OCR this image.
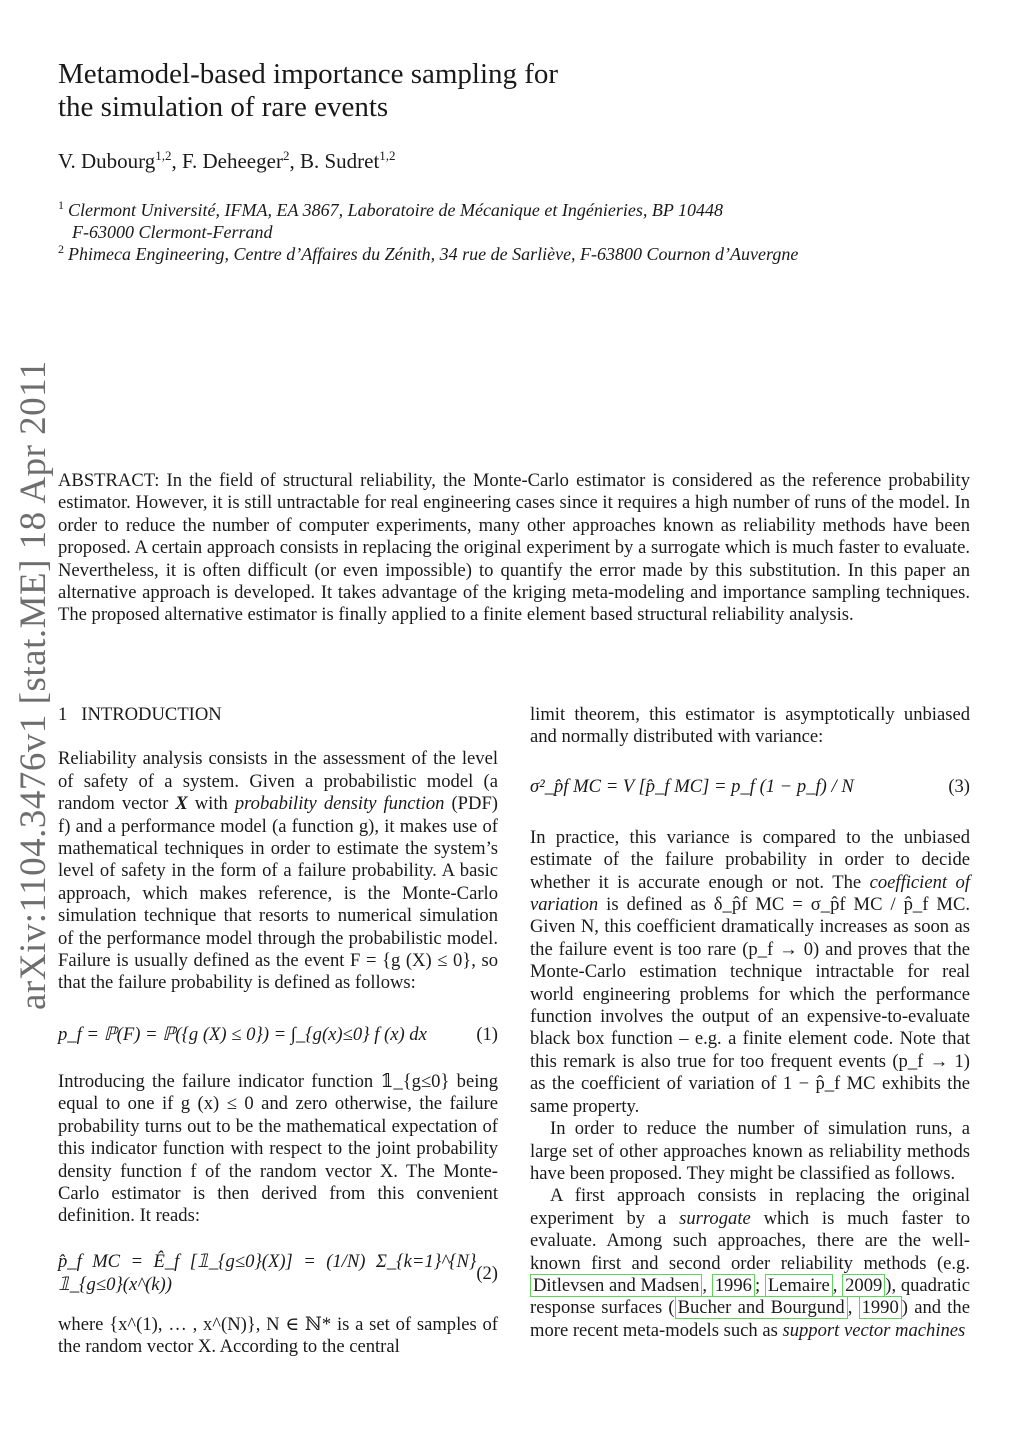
Metamodel-based importance sampling for
the simulation of rare events
V. Dubourg$^{1,2}$, F. Deheeger$^2$, B. Sudret$^{1,2}$
$^1$ Clermont Université, IFMA, EA 3867, Laboratoire de Mécanique et Ingénieries, BP 10448
F-63000 Clermont-Ferrand
$^2$ Phimeca Engineering, Centre d’Affaires du Zénith, 34 rue de Sarliève, F-63800 Cournon d’Auvergne
arXiv:1104.3476v1 [stat.ME] 18 Apr 2011 ABSTRACT: In the field of structural reliability, the Monte-Carlo estimator is considered as the reference probability estimator. However, it is still untractable for real engineering cases since it requires a high number of runs of the model. In order to reduce the number of computer experiments, many other approaches known as reliability methods have been proposed. A certain approach consists in replacing the original experiment by a surrogate which is much faster to evaluate. Nevertheless, it is often difficult (or even impossible) to quantify the error made by this substitution. In this paper an alternative approach is developed. It takes advantage of the kriging meta-modeling and importance sampling techniques. The proposed alternative estimator is finally applied to a finite element based structural reliability analysis.
1 INTRODUCTION

Reliability analysis consists in the assessment of the level of safety of a system. Given a probabilistic model (a random vector X with probability density function (PDF) f) and a performance model (a function g), it makes use of mathematical techniques in order to estimate the system’s level of safety in the form of a failure probability. A basic approach, which makes reference, is the Monte-Carlo simulation technique that resorts to numerical simulation of the performance model through the probabilistic model. Failure is usually defined as the event F = {g (X) ≤ 0}, so that the failure probability is defined as follows:

p_f = ℙ(F) = ℙ({g (X) ≤ 0}) = ∫_{g(x)≤0} f (x) dx	(1)

Introducing the failure indicator function 𝟙_{g≤0} being equal to one if g (x) ≤ 0 and zero otherwise, the failure probability turns out to be the mathematical expectation of this indicator function with respect to the joint probability density function f of the random vector X. The Monte-Carlo estimator is then derived from this convenient definition. It reads:

p̂_f MC = Ê_f [𝟙_{g≤0}(X)] = (1/N) Σ_{k=1}^{N} 𝟙_{g≤0}(x^(k))
(2)

where {x^(1), … , x^(N)}, N ∈ ℕ* is a set of samples of the random vector X. According to the central

limit theorem, this estimator is asymptotically unbiased and normally distributed with variance:

σ²_p̂f MC = V [p̂_f MC] = p_f (1 − p_f) / N	(3)

In practice, this variance is compared to the unbiased estimate of the failure probability in order to decide whether it is accurate enough or not. The coefficient of variation is defined as δ_p̂f MC = σ_p̂f MC / p̂_f MC. Given N, this coefficient dramatically increases as soon as the failure event is too rare (p_f → 0) and proves that the Monte-Carlo estimation technique intractable for real world engineering problems for which the performance function involves the output of an expensive-to-evaluate black box function – e.g. a finite element code. Note that this remark is also true for too frequent events (p_f → 1) as the coefficient of variation of 1 − p̂_f MC exhibits the same property.

In order to reduce the number of simulation runs, a large set of other approaches known as reliability methods have been proposed. They might be classified as follows.

A first approach consists in replacing the original experiment by a surrogate which is much faster to evaluate. Among such approaches, there are the well-known first and second order reliability methods (e.g. Ditlevsen and Madsen , 1996 ; Lemaire , 2009 ), quadratic response surfaces ( Bucher and Bourgund , 1990 ) and the more recent meta-models such as support vector machines
